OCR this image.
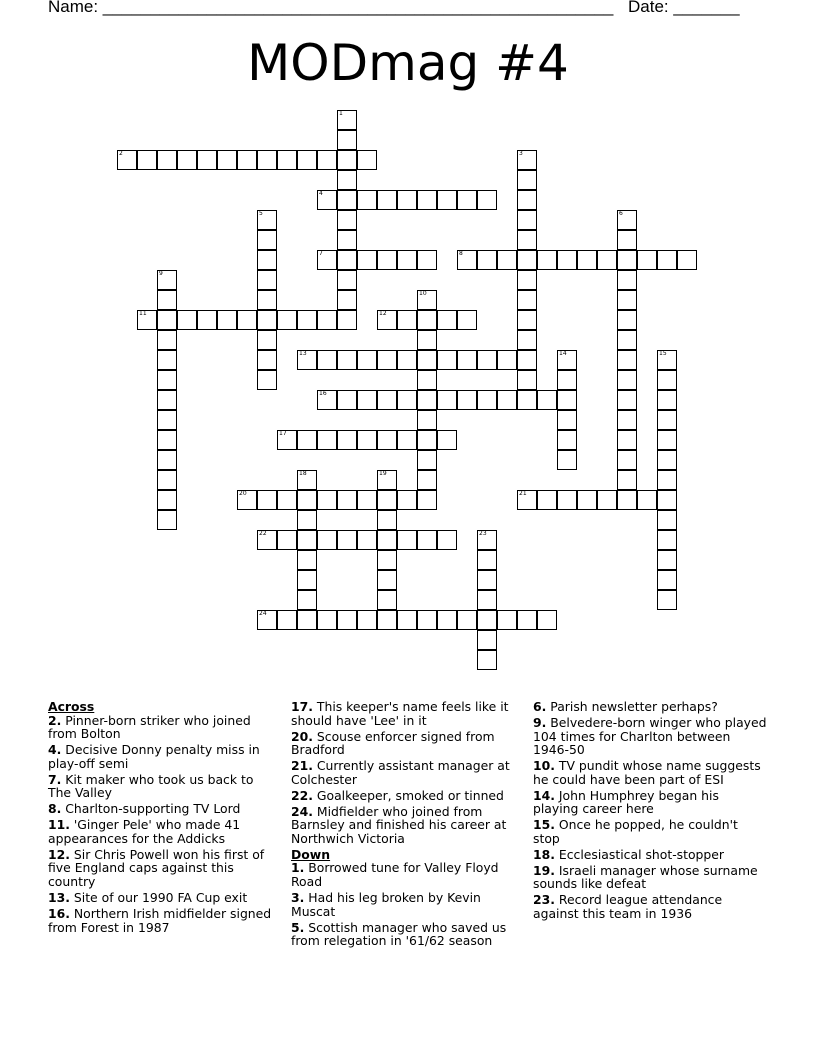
Name: ______________________________________________________ Date: _______
MODmag #4
2
4
7	8
11	12
13
16
17
20	21
22
24
1
3
5	6
9
10
14	15
18	19
23
Across
2. Pinner-born striker who joined from Bolton
4. Decisive Donny penalty miss in play-off semi
7. Kit maker who took us back to The Valley
8. Charlton-supporting TV Lord
11. 'Ginger Pele' who made 41 appearances for the Addicks
12. Sir Chris Powell won his first of five England caps against this country
13. Site of our 1990 FA Cup exit
16. Northern Irish midfielder signed from Forest in 1987
17. This keeper's name feels like it should have 'Lee' in it
20. Scouse enforcer signed from Bradford
21. Currently assistant manager at Colchester
22. Goalkeeper, smoked or tinned
24. Midfielder who joined from Barnsley and finished his career at Northwich Victoria
Down
1. Borrowed tune for Valley Floyd Road
3. Had his leg broken by Kevin Muscat
5. Scottish manager who saved us from relegation in '61/62 season
6. Parish newsletter perhaps?
9. Belvedere-born winger who played 104 times for Charlton between 1946-50
10. TV pundit whose name suggests he could have been part of ESI
14. John Humphrey began his playing career here
15. Once he popped, he couldn't stop
18. Ecclesiastical shot-stopper
19. Israeli manager whose surname sounds like defeat
23. Record league attendance against this team in 1936
